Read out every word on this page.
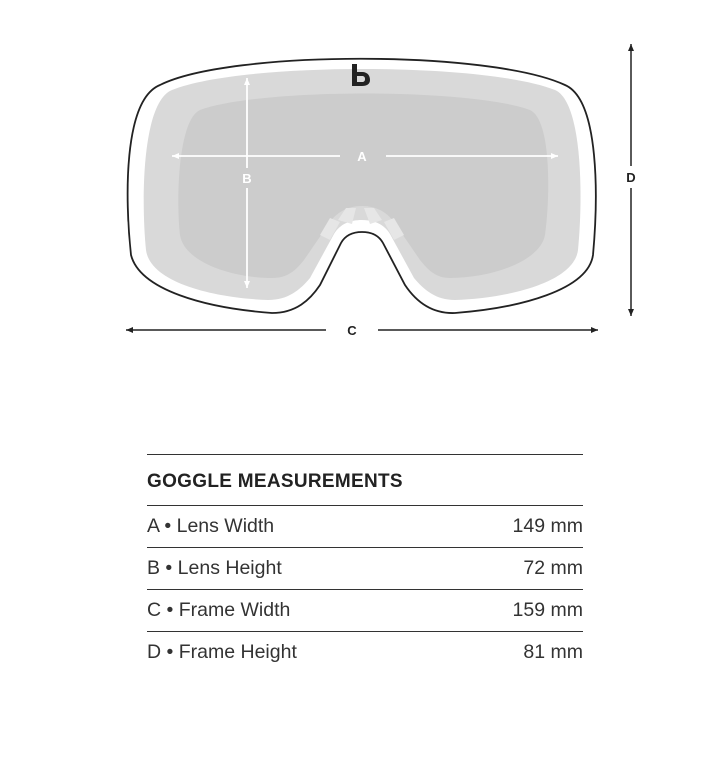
A
B
C
D
GOGGLE MEASUREMENTS
A • Lens Width	149 mm
B • Lens Height	72 mm
C • Frame Width	159 mm
D • Frame Height	81 mm
